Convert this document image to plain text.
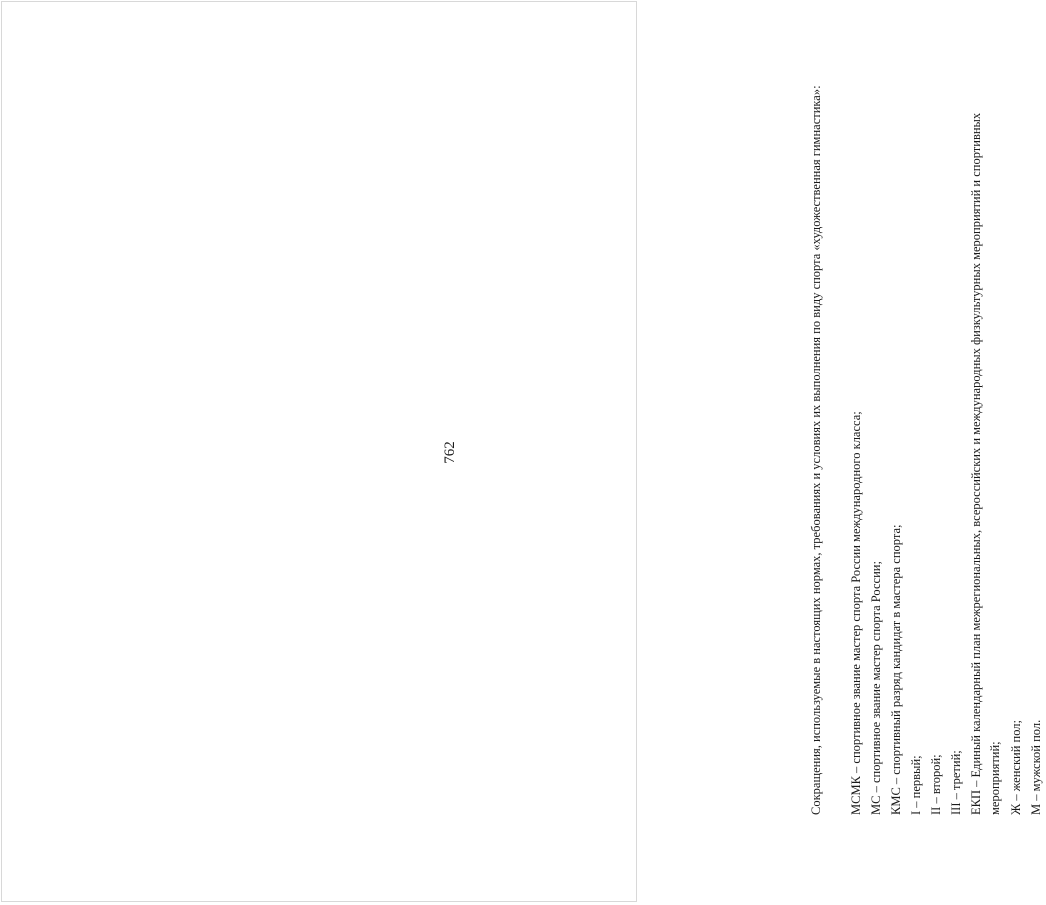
762	Сокращения, используемые в настоящих нормах, требованиях и условиях их выполнения по виду спорта «художественная гимнастика»: МСМК – спортивное звание мастер спорта России международного класса;

МС – спортивное звание мастер спорта России;

КМС – спортивный разряд кандидат в мастера спорта;

I – первый;

II – второй;

III – третий;

ЕКП – Единый календарный план межрегиональных, всероссийских и международных физкультурных мероприятий и спортивных мероприятий; Ж – женский пол;

М – мужской пол.
